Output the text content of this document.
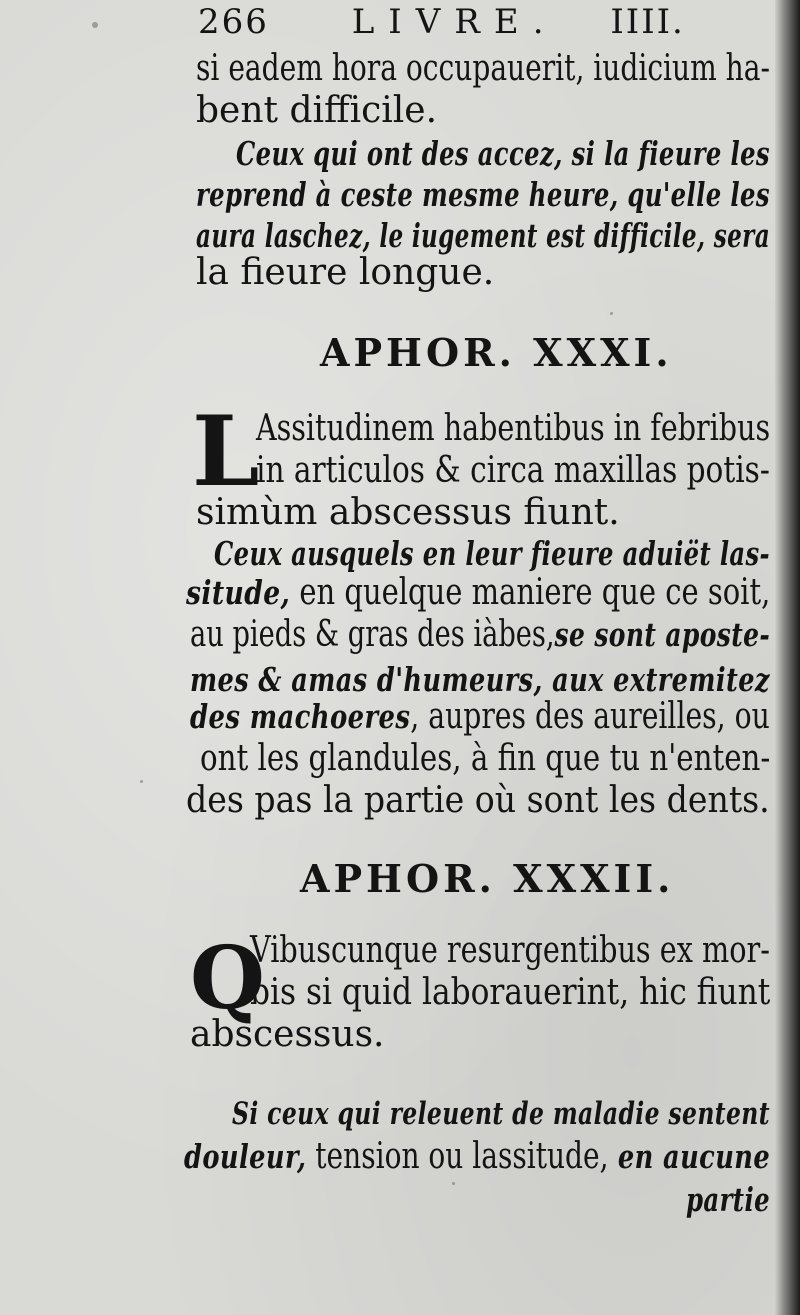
266 LIVRE. IIII.
si eadem hora occupauerit, iudicium ha-
bent difficile.
Ceux qui ont des accez, si la fieure les
reprend à ceste mesme heure, qu'elle les
aura laschez, le iugement est difficile, sera
la fieure longue.
APHOR. XXXI.
L
Assitudinem habentibus in febribus
in articulos & circa maxillas potis-
simùm abscessus fiunt.
Ceux ausquels en leur fieure aduiët las-
situde, en quelque maniere que ce soit,
au pieds & gras des iàbes,se sont aposte-
mes & amas d'humeurs, aux extremitez
des machoeres, aupres des aureilles, ou
ont les glandules, à fin que tu n'enten-
des pas la partie où sont les dents.
APHOR. XXXII.
Q
Vibuscunque resurgentibus ex mor-
bis si quid laborauerint, hic fiunt
abscessus.
Si ceux qui releuent de maladie sentent
douleur, tension ou lassitude, en aucune
partie
